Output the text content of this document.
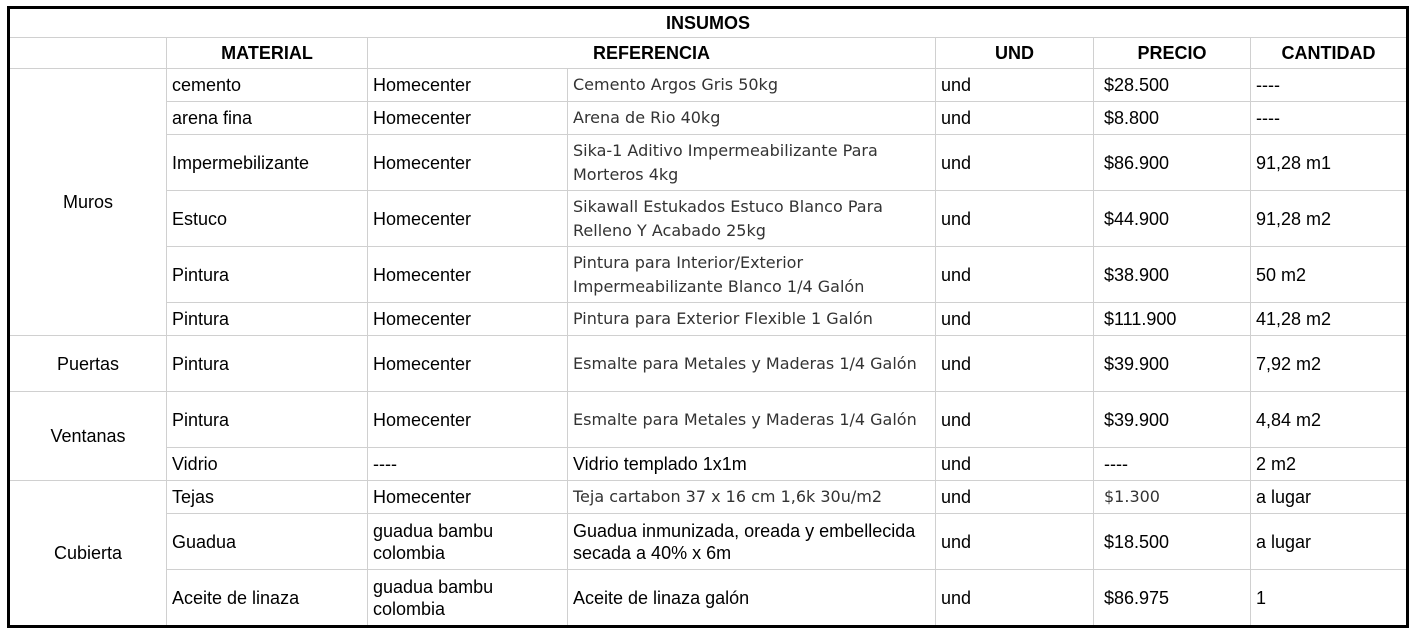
INSUMOS						
	MATERIAL	REFERENCIA		UND	PRECIO	CANTIDAD
Muros	cemento	Homecenter	Cemento Argos Gris 50kg	und	$28.500	----
	arena fina	Homecenter	Arena de Rio 40kg	und	$8.800	----
	Impermebilizante	Homecenter	Sika-1 Aditivo Impermeabilizante Para Morteros 4kg	und	$86.900	91,28 m1
	Estuco	Homecenter	Sikawall Estukados Estuco Blanco Para Relleno Y Acabado 25kg	und	$44.900	91,28 m2
	Pintura	Homecenter	Pintura para Interior/Exterior Impermeabilizante Blanco 1/4 Galón	und	$38.900	50 m2
	Pintura	Homecenter	Pintura para Exterior Flexible 1 Galón	und	$111.900	41,28 m2
Puertas	Pintura	Homecenter	Esmalte para Metales y Maderas 1/4 Galón	und	$39.900	7,92 m2
Ventanas	Pintura	Homecenter	Esmalte para Metales y Maderas 1/4 Galón	und	$39.900	4,84 m2
	Vidrio	----	Vidrio templado 1x1m	und	----	2 m2
Cubierta	Tejas	Homecenter	Teja cartabon 37 x 16 cm 1,6k 30u/m2	und	$1.300	a lugar
	Guadua	guadua bambu colombia	Guadua inmunizada, oreada y embellecida secada a 40% x 6m	und	$18.500	a lugar
	Aceite de linaza	guadua bambu colombia	Aceite de linaza galón	und	$86.975	1
